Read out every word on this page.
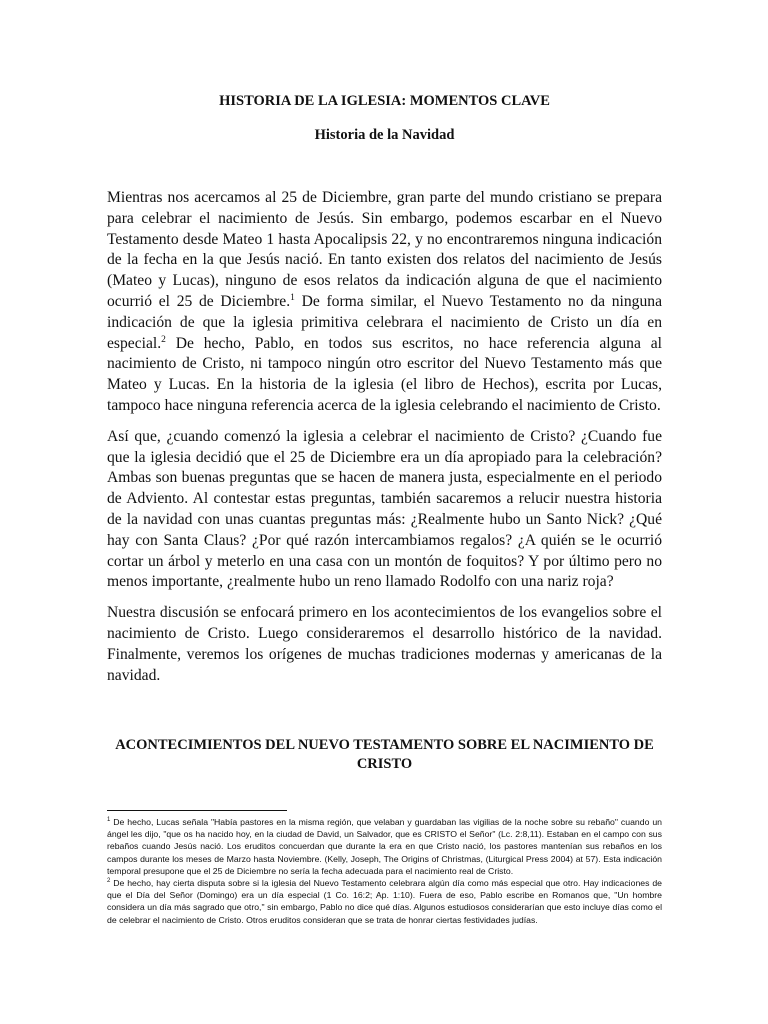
HISTORIA DE LA IGLESIA: MOMENTOS CLAVE
Historia de la Navidad

Mientras nos acercamos al 25 de Diciembre, gran parte del mundo cristiano se prepara para celebrar el nacimiento de Jesús. Sin embargo, podemos escarbar en el Nuevo Testamento desde Mateo 1 hasta Apocalipsis 22, y no encontraremos ninguna indicación de la fecha en la que Jesús nació. En tanto existen dos relatos del nacimiento de Jesús (Mateo y Lucas), ninguno de esos relatos da indicación alguna de que el nacimiento ocurrió el 25 de Diciembre.$^1$ De forma similar, el Nuevo Testamento no da ninguna indicación de que la iglesia primitiva celebrara el nacimiento de Cristo un día en especial.$^2$ De hecho, Pablo, en todos sus escritos, no hace referencia alguna al nacimiento de Cristo, ni tampoco ningún otro escritor del Nuevo Testamento más que Mateo y Lucas. En la historia de la iglesia (el libro de Hechos), escrita por Lucas, tampoco hace ninguna referencia acerca de la iglesia celebrando el nacimiento de Cristo.

Así que, ¿cuando comenzó la iglesia a celebrar el nacimiento de Cristo? ¿Cuando fue que la iglesia decidió que el 25 de Diciembre era un día apropiado para la celebración? Ambas son buenas preguntas que se hacen de manera justa, especialmente en el periodo de Adviento. Al contestar estas preguntas, también sacaremos a relucir nuestra historia de la navidad con unas cuantas preguntas más: ¿Realmente hubo un Santo Nick? ¿Qué hay con Santa Claus? ¿Por qué razón intercambiamos regalos? ¿A quién se le ocurrió cortar un árbol y meterlo en una casa con un montón de foquitos? Y por último pero no menos importante, ¿realmente hubo un reno llamado Rodolfo con una nariz roja?

Nuestra discusión se enfocará primero en los acontecimientos de los evangelios sobre el nacimiento de Cristo. Luego consideraremos el desarrollo histórico de la navidad. Finalmente, veremos los orígenes de muchas tradiciones modernas y americanas de la navidad.

ACONTECIMIENTOS DEL NUEVO TESTAMENTO SOBRE EL NACIMIENTO DE CRISTO

$^1$ De hecho, Lucas señala "Había pastores en la misma región, que velaban y guardaban las vigilias de la noche sobre su rebaño" cuando un ángel les dijo, "que os ha nacido hoy, en la ciudad de David, un Salvador, que es CRISTO el Señor" (Lc. 2:8,11). Estaban en el campo con sus rebaños cuando Jesús nació. Los eruditos concuerdan que durante la era en que Cristo nació, los pastores mantenían sus rebaños en los campos durante los meses de Marzo hasta Noviembre. (Kelly, Joseph, The Origins of Christmas, (Liturgical Press 2004) at 57). Esta indicación temporal presupone que el 25 de Diciembre no sería la fecha adecuada para el nacimiento real de Cristo.

$^2$ De hecho, hay cierta disputa sobre si la iglesia del Nuevo Testamento celebrara algún día como más especial que otro. Hay indicaciones de que el Día del Señor (Domingo) era un día especial (1 Co. 16:2; Ap. 1:10). Fuera de eso, Pablo escribe en Romanos que, "Un hombre considera un día más sagrado que otro," sin embargo, Pablo no dice qué días. Algunos estudiosos considerarían que esto incluye días como el de celebrar el nacimiento de Cristo. Otros eruditos consideran que se trata de honrar ciertas festividades judías.
